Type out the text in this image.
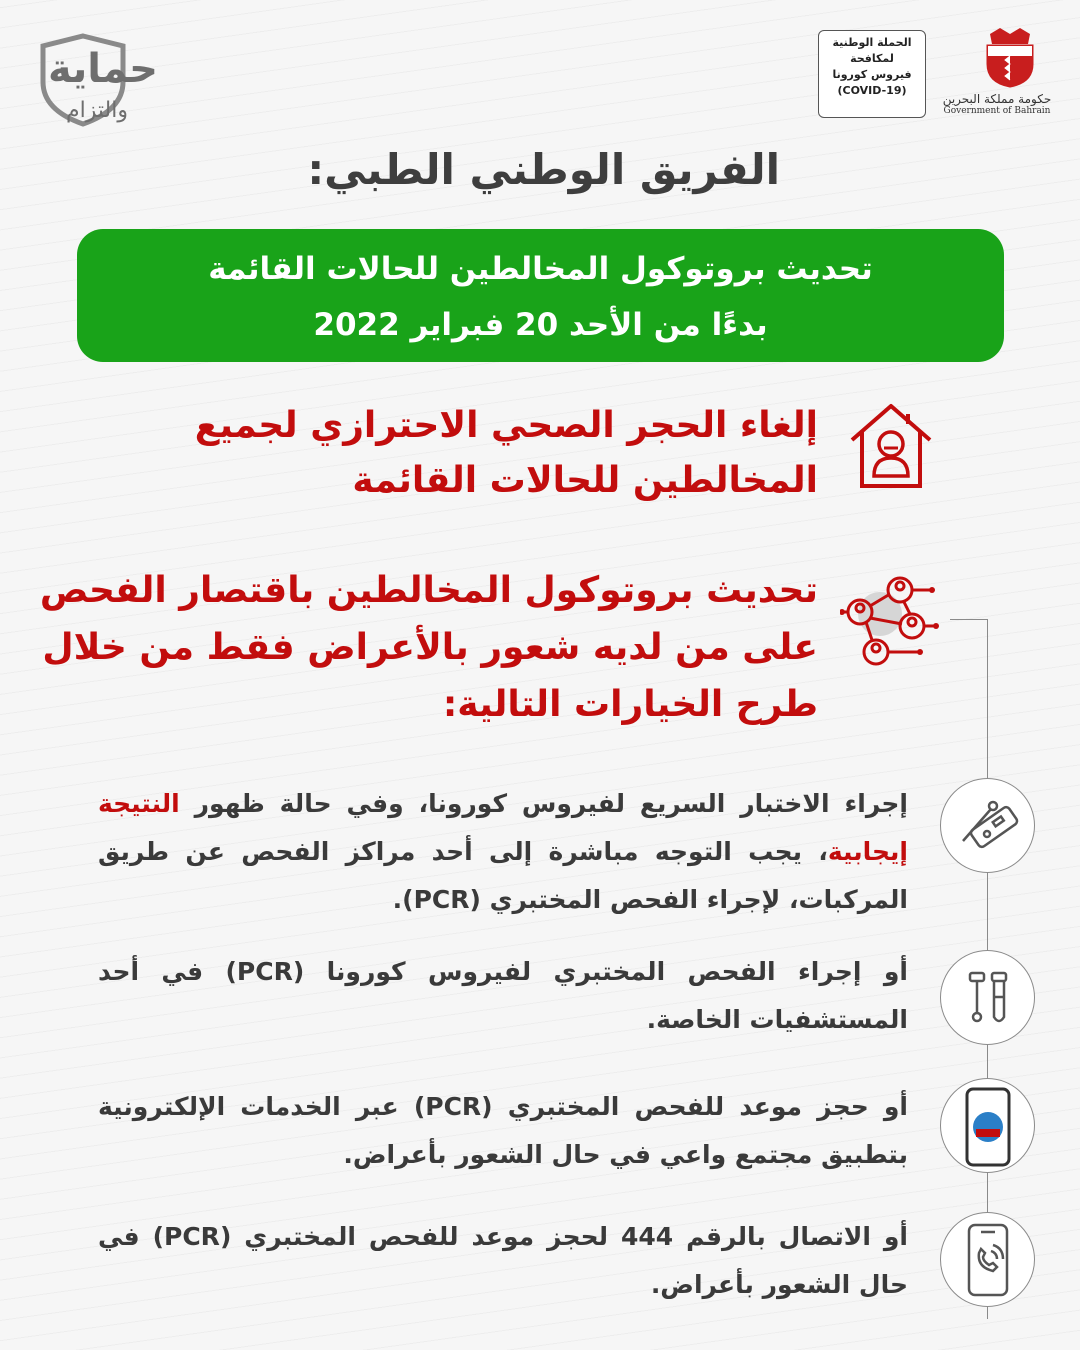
حماية
والتزام
الحملة الوطنية
لمكافحة
فيروس كورونا
(COVID-19)
حكومة مملكة البحرين
Government of Bahrain
الفريق الوطني الطبي:
تحديث بروتوكول المخالطين للحالات القائمة
بدءًا من الأحد 20 فبراير 2022
إلغاء الحجر الصحي الاحترازي لجميع المخالطين للحالات القائمة
تحديث بروتوكول المخالطين باقتصار الفحص على من لديه شعور بالأعراض فقط من خلال طرح الخيارات التالية:
إجراء الاختبار السريع لفيروس كورونا، وفي حالة ظهور النتيجة إيجابية، يجب التوجه مباشرة إلى أحد مراكز الفحص عن طريق المركبات، لإجراء الفحص المختبري (PCR).
أو إجراء الفحص المختبري لفيروس كورونا (PCR) في أحد المستشفيات الخاصة.
أو حجز موعد للفحص المختبري (PCR) عبر الخدمات الإلكترونية بتطبيق مجتمع واعي في حال الشعور بأعراض.
أو الاتصال بالرقم 444 لحجز موعد للفحص المختبري (PCR) في حال الشعور بأعراض.
